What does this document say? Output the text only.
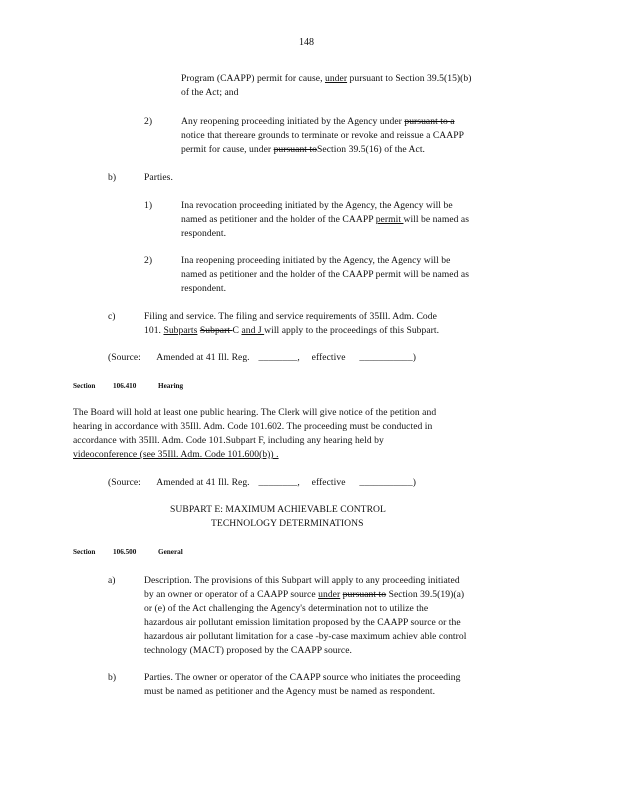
148
Program (CAAPP) permit for cause, under pursuant to Section 39.5(15)(b)
of the Act; and
2)	Any reopening proceeding initiated by the Agency under pursuant to a
notice that thereare grounds to terminate or revoke and reissue a CAAPP
permit for cause, under pursuant toSection 39.5(16) of the Act.
b)	Parties.
1)	Ina revocation proceeding initiated by the Agency, the Agency will be
named as petitioner and the holder of the CAAPP permit will be named as
respondent.
2)	Ina reopening proceeding initiated by the Agency, the Agency will be
named as petitioner and the holder of the CAAPP permit will be named as
respondent.
c)	Filing and service. The filing and service requirements of 35Ill. Adm. Code
101. Subparts Subpart C and J will apply to the proceedings of this Subpart.
(Source: Amended at 41 Ill. Reg. ________, effective ___________)
Section 106.410	Hearing
The Board will hold at least one public hearing. The Clerk will give notice of the petition and
hearing in accordance with 35Ill. Adm. Code 101.602. The proceeding must be conducted in
accordance with 35Ill. Adm. Code 101.Subpart F, including any hearing held by
videoconference (see 35Ill. Adm. Code 101.600(b)) .
(Source: Amended at 41 Ill. Reg. ________, effective ___________)
SUBPART E: MAXIMUM ACHIEVABLE CONTROL
TECHNOLOGY DETERMINATIONS
Section 106.500	General
a)	Description. The provisions of this Subpart will apply to any proceeding initiated
by an owner or operator of a CAAPP source under pursuant to Section 39.5(19)(a)
or (e) of the Act challenging the Agency's determination not to utilize the
hazardous air pollutant emission limitation proposed by the CAAPP source or the
hazardous air pollutant limitation for a case -by-case maximum achiev able control
technology (MACT) proposed by the CAAPP source.
b)	Parties. The owner or operator of the CAAPP source who initiates the proceeding
must be named as petitioner and the Agency must be named as respondent.
